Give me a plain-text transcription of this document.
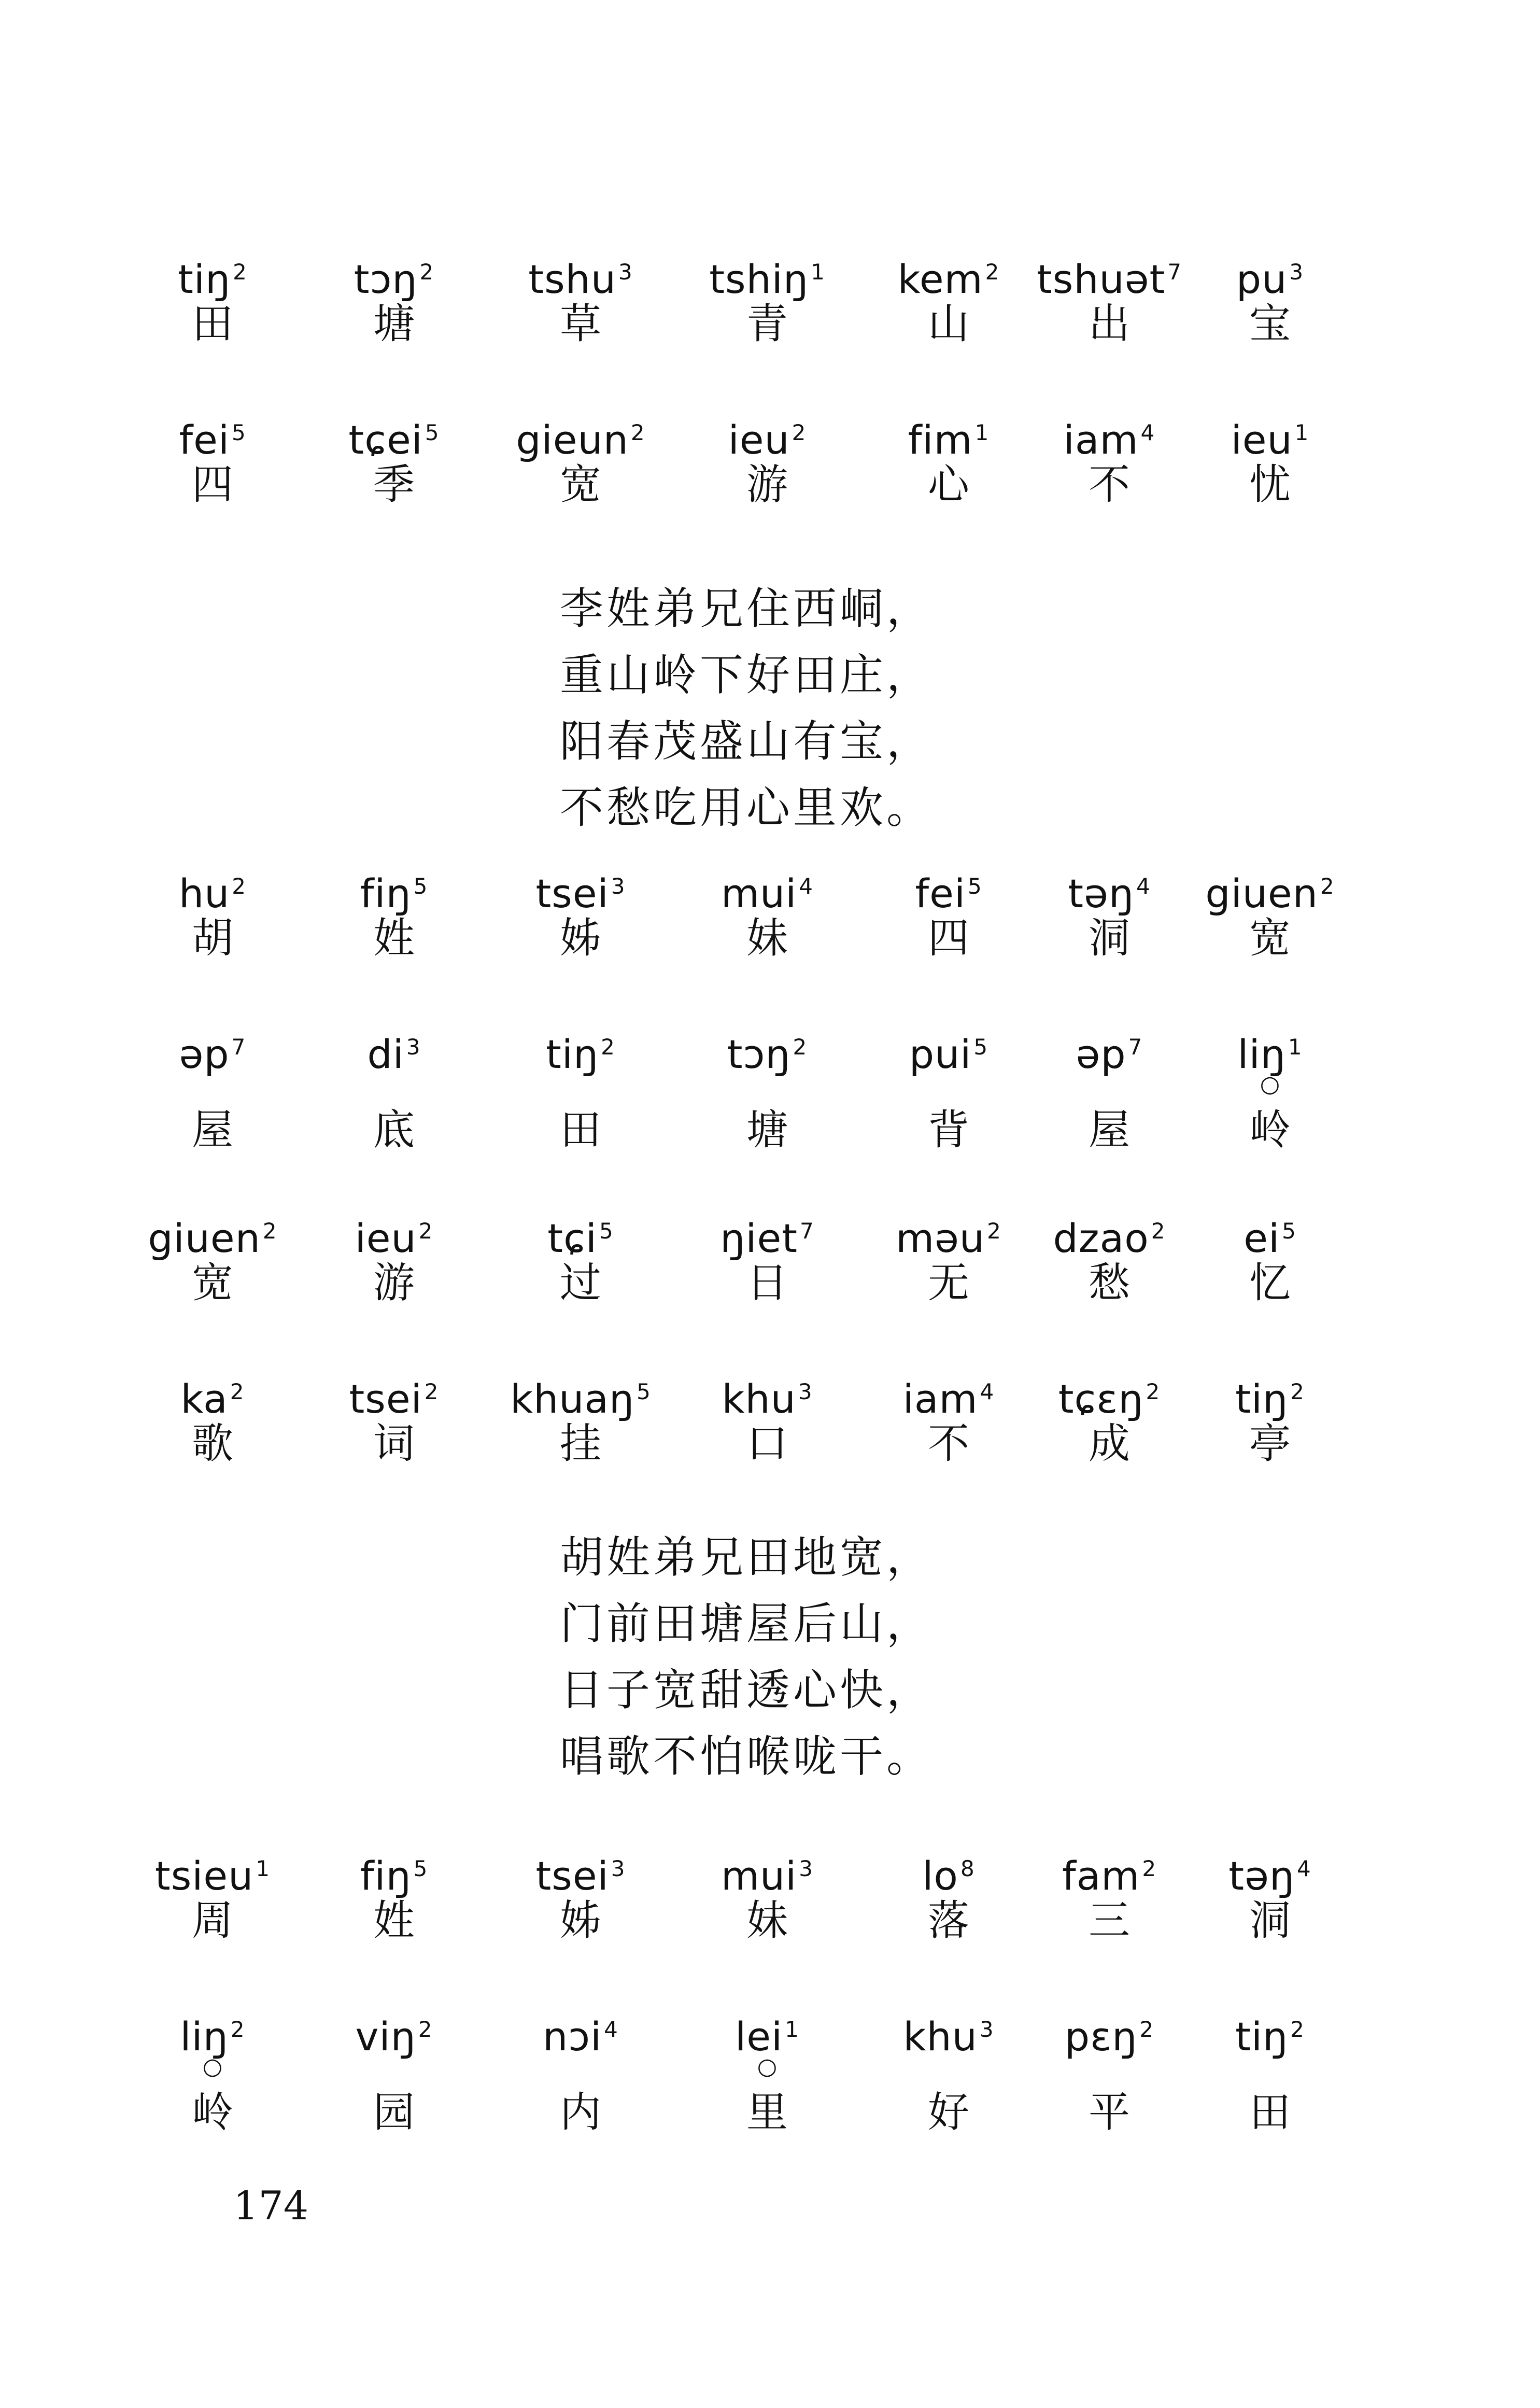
tiŋ$^2$
田
tɔŋ$^2$
塘
tshu$^3$
草
tshiŋ$^1$
青
kem$^2$
山
tshuət$^7$
出
$pu^3$
宝
fei$^5$
四
tɕei$^5$
季
gieun$^2$
宽
ieu$^2$
游
fim$^1$
心
iam$^4$
不
ieu$^1$
忧
李姓弟兄住西峒，
重山岭下好田庄，
阳春茂盛山有宝，
不愁吃用心里欢。
$hu^2$
胡
fiŋ$^5$
姓
tsei$^3$
姊
mui$^4$
妹
fei$^5$
四
təŋ$^4$
洞
giuen$^2$
宽
əp$^7$
屋
$di^3$
底
tiŋ$^2$
田
tɔŋ$^2$
塘
pui$^5$
背
əp$^7$
屋
liŋ$^1$
○
岭
giuen$^2$
宽
ieu$^2$
游
tɕi$^5$
过
ŋiet$^7$
日
məu$^2$
无
dzao$^2$
愁
$ei^5$
忆
$ka^2$
歌
tsei$^2$
词
khuaŋ$^5$
挂
khu$^3$
口
iam$^4$
不
tɕɛŋ$^2$
成
tiŋ$^2$
亭
胡姓弟兄田地宽，
门前田塘屋后山，
日子宽甜透心快，
唱歌不怕喉咙干。
tsieu$^1$
周
fiŋ$^5$
姓
tsei$^3$
姊
mui$^3$
妹
$lo^8$
落
fam$^2$
三
təŋ$^4$
洞
liŋ$^2$
○
岭
viŋ$^2$
园
nɔi$^4$
内
lei$^1$
○
里
khu$^3$
好
pɛŋ$^2$
平
tiŋ$^2$
田
174
